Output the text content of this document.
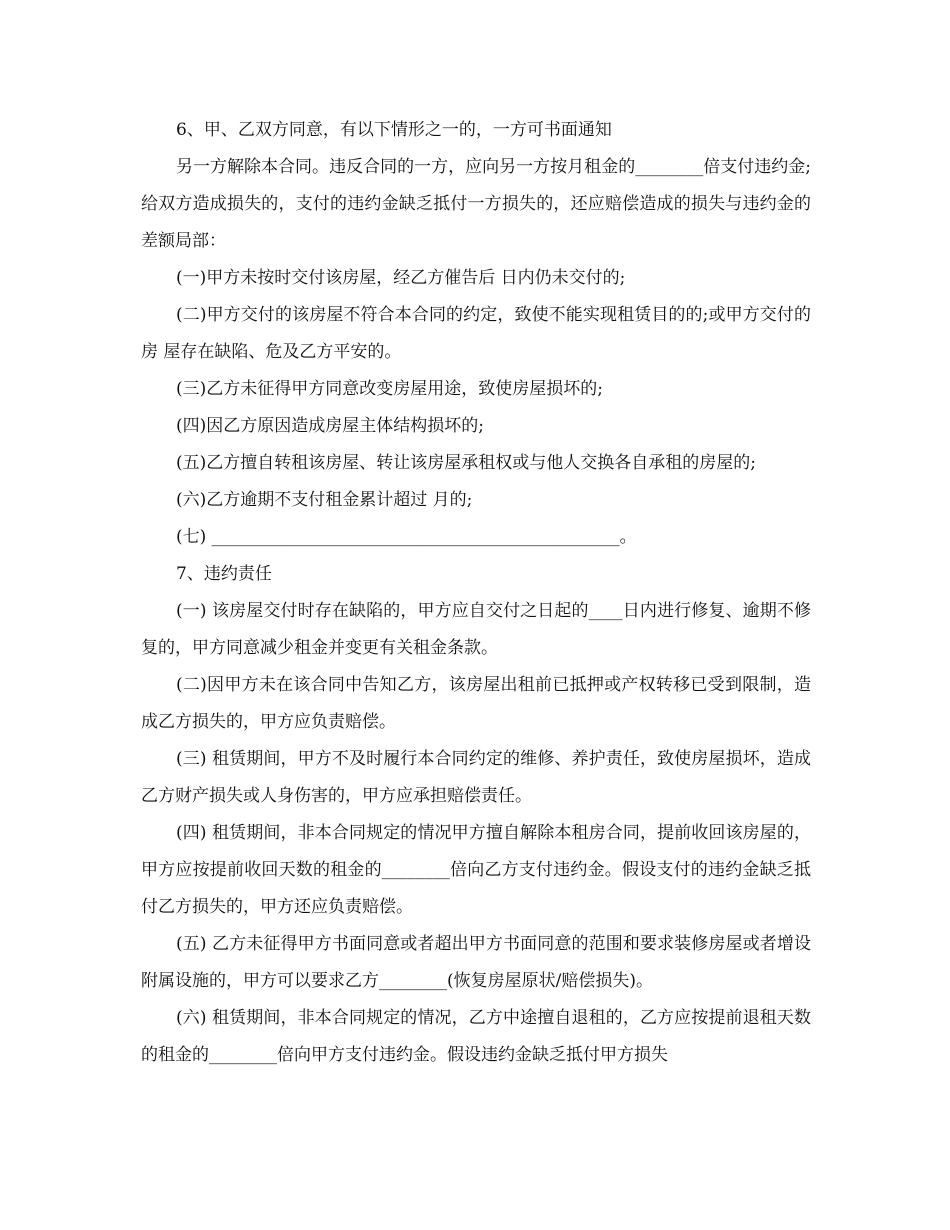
6、甲、乙双方同意，有以下情形之一的，一方可书面通知

另一方解除本合同。违反合同的一方，应向另一方按月租金的________倍支付违约金;给双方造成损失的，支付的违约金缺乏抵付一方损失的，还应赔偿造成的损失与违约金的差额局部：

(一)甲方未按时交付该房屋，经乙方催告后 日内仍未交付的;

(二)甲方交付的该房屋不符合本合同的约定，致使不能实现租赁目的的;或甲方交付的房 屋存在缺陷、危及乙方平安的。

(三)乙方未征得甲方同意改变房屋用途，致使房屋损坏的;

(四)因乙方原因造成房屋主体结构损坏的;

(五)乙方擅自转租该房屋、转让该房屋承租权或与他人交换各自承租的房屋的;

(六)乙方逾期不支付租金累计超过 月的;

(七) ________________________________________________。

7、违约责任

(一) 该房屋交付时存在缺陷的，甲方应自交付之日起的____日内进行修复、逾期不修复的，甲方同意减少租金并变更有关租金条款。

(二)因甲方未在该合同中告知乙方，该房屋出租前已抵押或产权转移已受到限制，造成乙方损失的，甲方应负责赔偿。

(三) 租赁期间，甲方不及时履行本合同约定的维修、养护责任，致使房屋损坏，造成乙方财产损失或人身伤害的，甲方应承担赔偿责任。

(四) 租赁期间，非本合同规定的情况甲方擅自解除本租房合同，提前收回该房屋的，甲方应按提前收回天数的租金的________倍向乙方支付违约金。假设支付的违约金缺乏抵付乙方损失的，甲方还应负责赔偿。

(五) 乙方未征得甲方书面同意或者超出甲方书面同意的范围和要求装修房屋或者增设附属设施的，甲方可以要求乙方________(恢复房屋原状/赔偿损失)。

(六) 租赁期间，非本合同规定的情况，乙方中途擅自退租的，乙方应按提前退租天数的租金的________倍向甲方支付违约金。假设违约金缺乏抵付甲方损失
